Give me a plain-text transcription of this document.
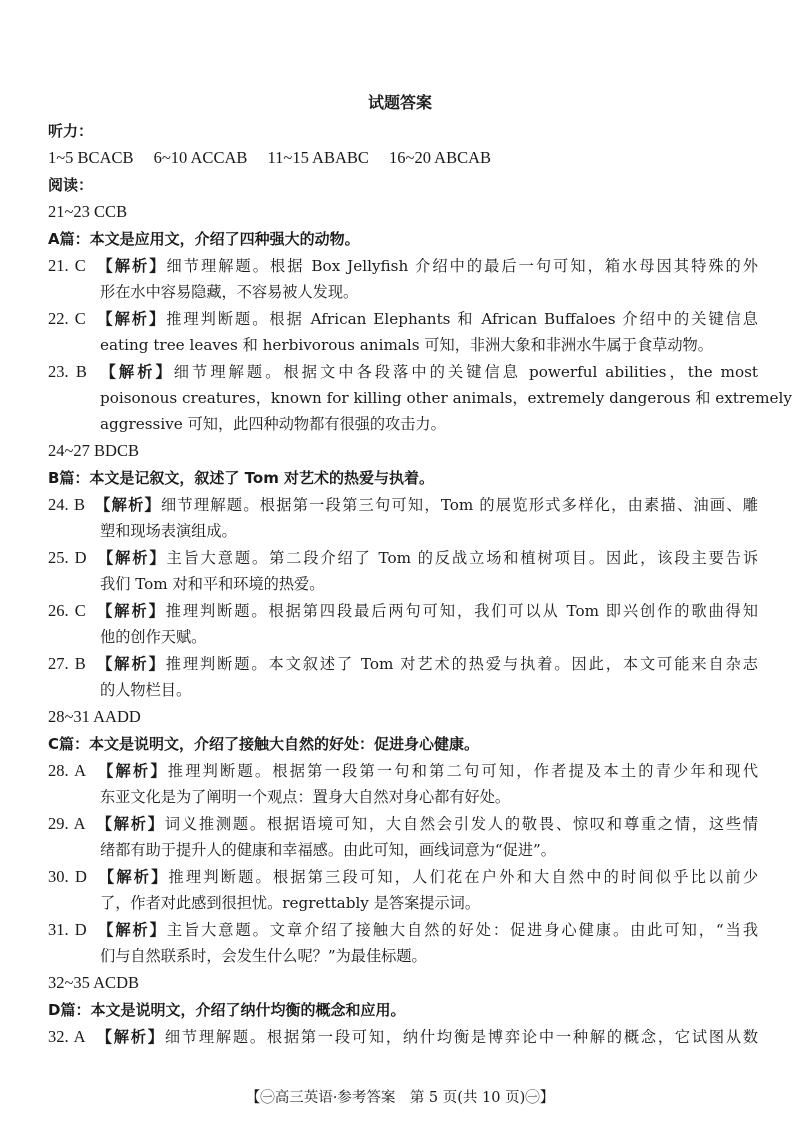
试题答案
听力：
1~5 BCACB 6~10 ACCAB 11~15 ABABC 16~20 ABCAB
阅读：
21~23 CCB
A篇：本文是应用文，介绍了四种强大的动物。
21. C　 【解析】细节理解题。根据 Box Jellyfish 介绍中的最后一句可知，箱水母因其特殊的外
形在水中容易隐藏，不容易被人发现。
22. C　 【解析】推理判断题。根据 African Elephants 和 African Buffaloes 介绍中的关键信息
eating tree leaves 和 herbivorous animals 可知，非洲大象和非洲水牛属于食草动物。
23. B　 【解析】细节理解题。根据文中各段落中的关键信息 powerful abilities，the most
poisonous creatures，known for killing other animals，extremely dangerous 和 extremely
aggressive 可知，此四种动物都有很强的攻击力。
24~27 BDCB
B篇：本文是记叙文，叙述了 Tom 对艺术的热爱与执着。
24. B　 【解析】细节理解题。根据第一段第三句可知，Tom 的展览形式多样化，由素描、油画、雕
塑和现场表演组成。
25. D　 【解析】主旨大意题。第二段介绍了 Tom 的反战立场和植树项目。因此，该段主要告诉
我们 Tom 对和平和环境的热爱。
26. C　 【解析】推理判断题。根据第四段最后两句可知，我们可以从 Tom 即兴创作的歌曲得知
他的创作天赋。
27. B　 【解析】推理判断题。本文叙述了 Tom 对艺术的热爱与执着。因此，本文可能来自杂志
的人物栏目。
28~31 AADD
C篇：本文是说明文，介绍了接触大自然的好处：促进身心健康。
28. A　 【解析】推理判断题。根据第一段第一句和第二句可知，作者提及本土的青少年和现代
东亚文化是为了阐明一个观点：置身大自然对身心都有好处。
29. A　 【解析】词义推测题。根据语境可知，大自然会引发人的敬畏、惊叹和尊重之情，这些情
绪都有助于提升人的健康和幸福感。由此可知，画线词意为“促进”。
30. D　 【解析】推理判断题。根据第三段可知，人们花在户外和大自然中的时间似乎比以前少
了，作者对此感到很担忧。regrettably 是答案提示词。
31. D　 【解析】主旨大意题。文章介绍了接触大自然的好处：促进身心健康。由此可知，“当我
们与自然联系时，会发生什么呢？”为最佳标题。
32~35 ACDB
D篇：本文是说明文，介绍了纳什均衡的概念和应用。
32. A　 【解析】细节理解题。根据第一段可知，纳什均衡是博弈论中一种解的概念，它试图从数
【㊀高三英语·参考答案　第 5 页(共 10 页)㊀】
